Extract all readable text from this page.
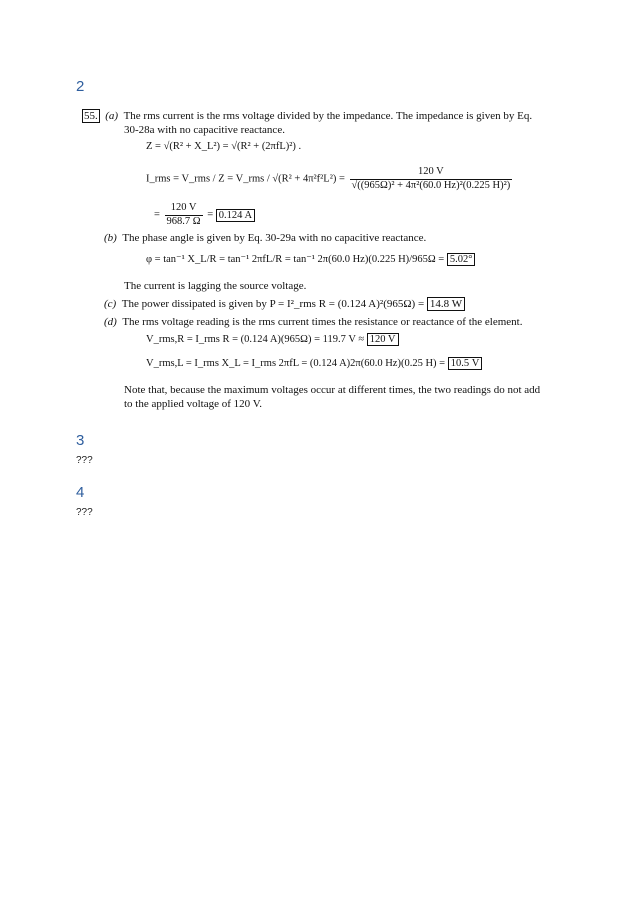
2
55. (a) The rms current is the rms voltage divided by the impedance. The impedance is given by Eq.
30-28a with no capacitive reactance.
Z = √(R² + X_L²) = √(R² + (2πfL)²) .
I_rms = V_rms / Z = V_rms / $√(R^2 + 4\pi^2f^2L^2) = \frac{120 V}{\text{√((965Ω)² + 4π²(60.0 Hz)²(0.225 H)²)}}$
= $\frac{120 V}{968.7 \Omega} = 0.124$ A
(b) The phase angle is given by Eq. 30-29a with no capacitive reactance.
φ = tan⁻¹ X_L/R = tan⁻¹ 2πfL/R = tan⁻¹ 2π(60.0 Hz)(0.225 H)/965Ω = 5.02°
The current is lagging the source voltage.
(c) The power dissipated is given by P = I²_rms R = (0.124 A)²(965Ω) = 14.8 W
(d) The rms voltage reading is the rms current times the resistance or reactance of the element.
V_rms,R = I_rms R = (0.124 A)(965Ω) = 119.7 V ≈ 120 V
V_rms,L = I_rms X_L = I_rms 2πfL = (0.124 A)2π(60.0 Hz)(0.25 H) = 10.5 V
Note that, because the maximum voltages occur at different times, the two readings do not add
to the applied voltage of 120 V.
3
???
4
???
